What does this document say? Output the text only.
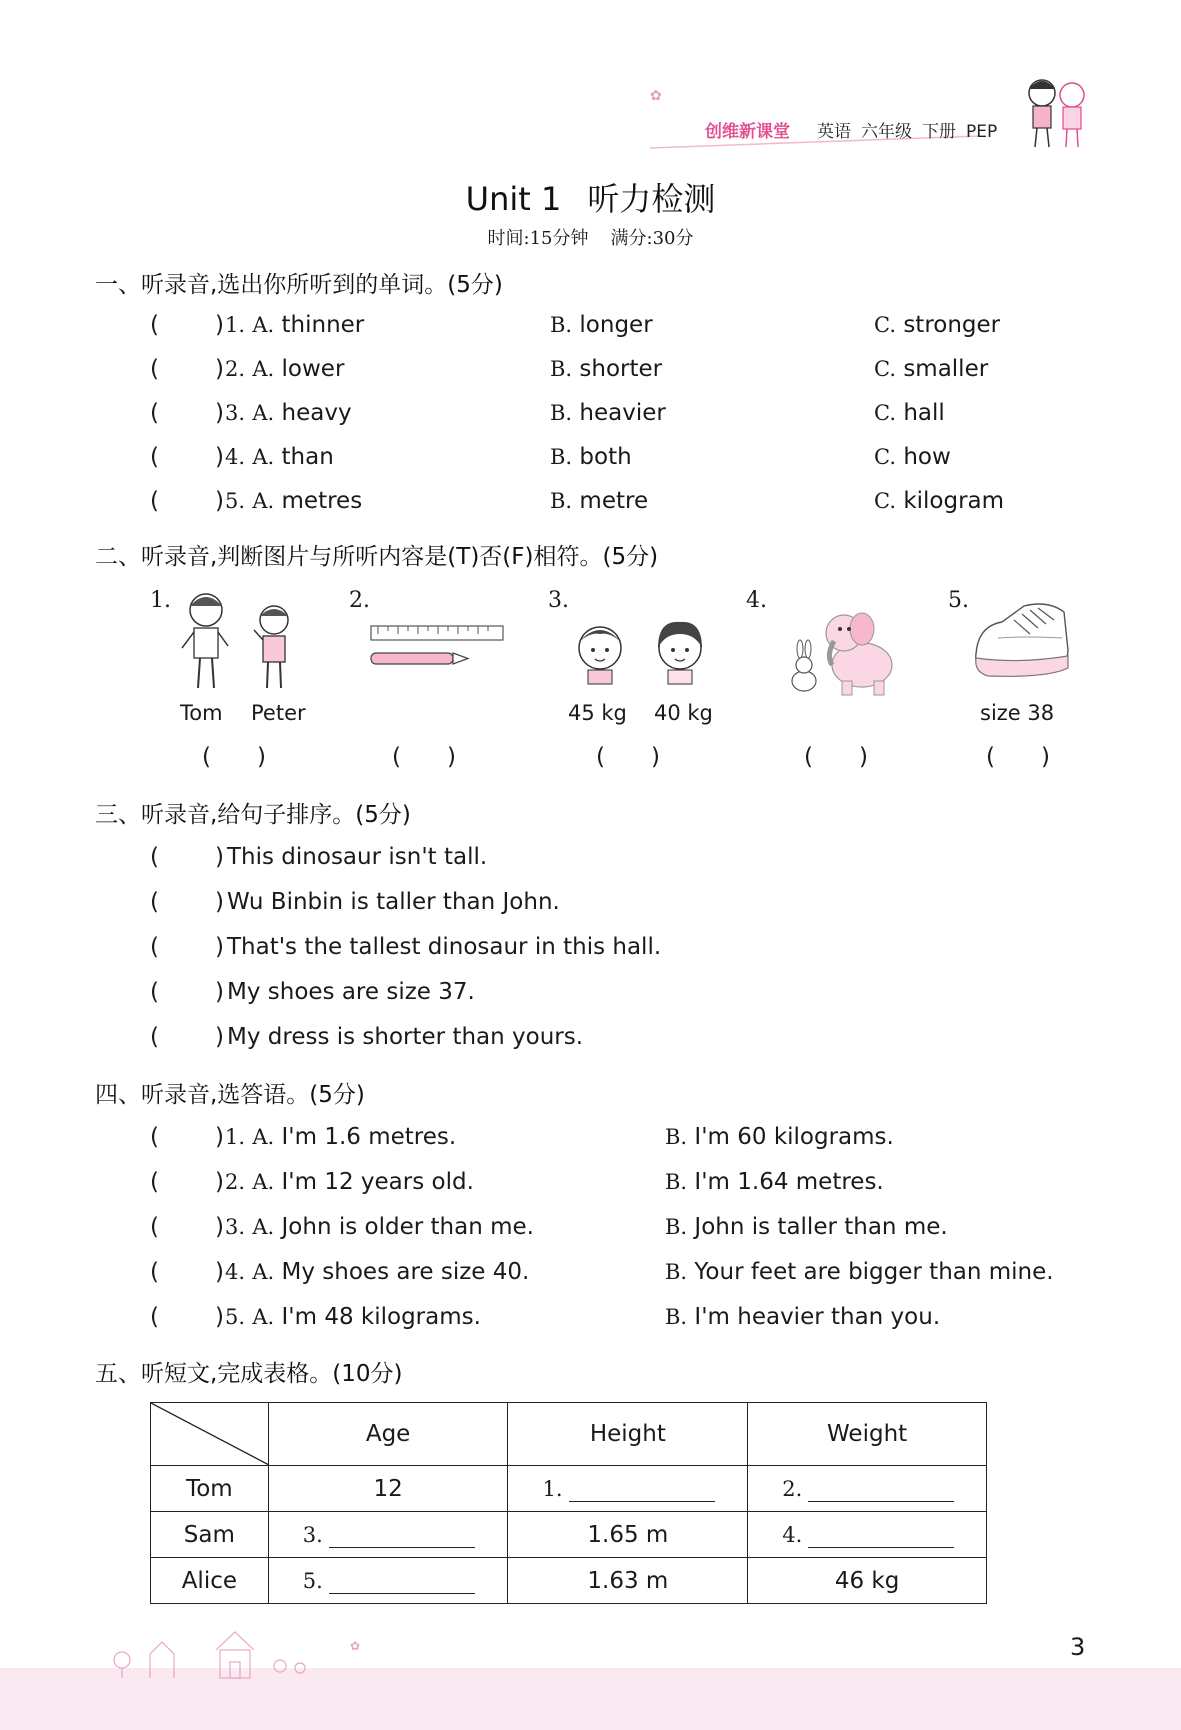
✿
创维新课堂 英语 六年级 下册 PEP
Unit 1 听力检测
时间:15分钟 满分:30分
一、听录音,选出你所听到的单词。(5分)
( ) 1. A. thinner	B. longer	C. stronger
( ) 2. A. lower	B. shorter	C. smaller
( ) 3. A. heavy	B. heavier	C. hall
( ) 4. A. than	B. both	C. how
( ) 5. A. metres	B. metre	C. kilogram
二、听录音,判断图片与所听内容是(T)否(F)相符。(5分)
1.
Tom Peter
( )
2.
( )
3.
45 kg 40 kg
( )
4.
( )
5.
size 38
( )
三、听录音,给句子排序。(5分)
( ) This dinosaur isn't tall.
( ) Wu Binbin is taller than John.
( ) That's the tallest dinosaur in this hall.
( ) My shoes are size 37.
( ) My dress is shorter than yours.
四、听录音,选答语。(5分)
( ) 1. A. I'm 1.6 metres.	B. I'm 60 kilograms.
( ) 2. A. I'm 12 years old.	B. I'm 1.64 metres.
( ) 3. A. John is older than me.	B. John is taller than me.
( ) 4. A. My shoes are size 40.	B. Your feet are bigger than mine.
( ) 5. A. I'm 48 kilograms.	B. I'm heavier than you.
五、听短文,完成表格。(10分)
	Age	Height	Weight
Tom	12	1.	2.
Sam	3.	1.65 m	4.
Alice	5.	1.63 m	46 kg
✿	3
